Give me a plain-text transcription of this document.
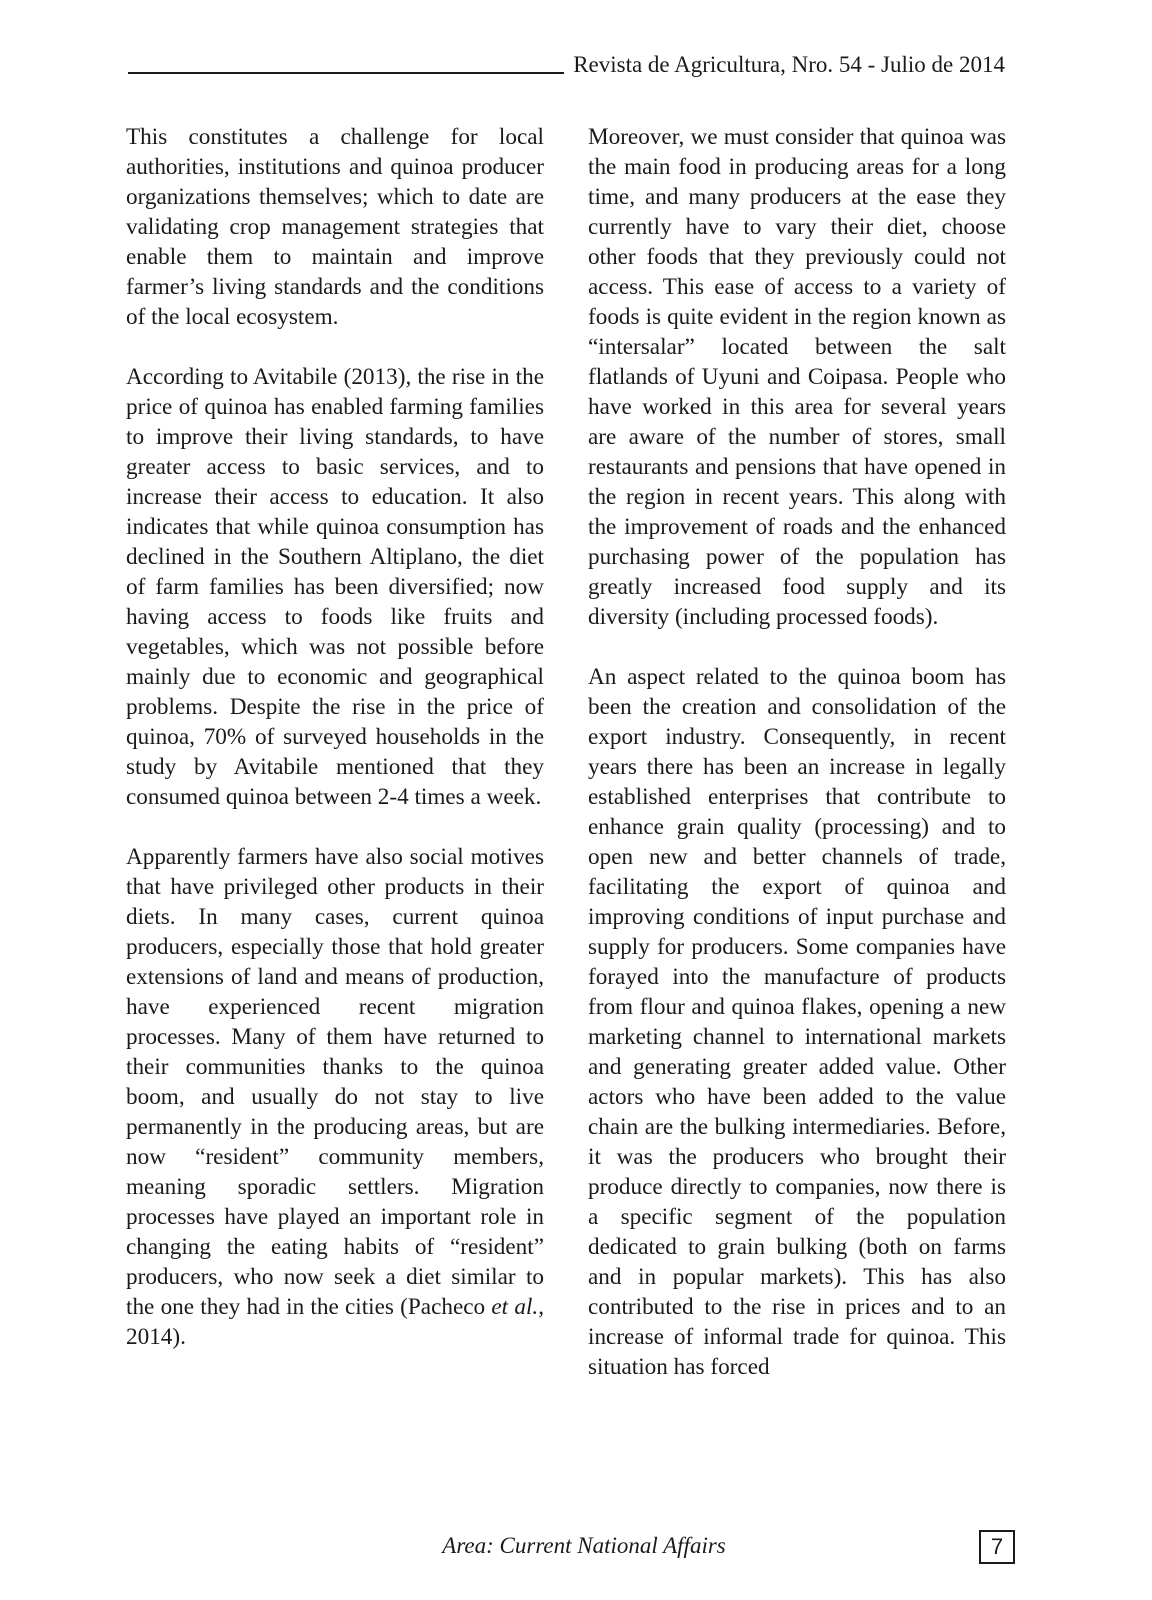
Revista de Agricultura, Nro. 54 - Julio de 2014

This constitutes a challenge for local authorities, institutions and quinoa producer organizations themselves; which to date are validating crop management strategies that enable them to maintain and improve farmer’s living standards and the conditions of the local ecosystem.

According to Avitabile (2013), the rise in the price of quinoa has enabled farming families to improve their living standards, to have greater access to basic services, and to increase their access to education. It also indicates that while quinoa consumption has declined in the Southern Altiplano, the diet of farm families has been diversified; now having access to foods like fruits and vegetables, which was not possible before mainly due to economic and geographical problems. Despite the rise in the price of quinoa, 70% of surveyed households in the study by Avitabile mentioned that they consumed quinoa between 2-4 times a week.

Apparently farmers have also social motives that have privileged other products in their diets. In many cases, current quinoa producers, especially those that hold greater extensions of land and means of production, have experienced recent migration processes. Many of them have returned to their communities thanks to the quinoa boom, and usually do not stay to live permanently in the producing areas, but are now “resident” community members, meaning sporadic settlers. Migration processes have played an important role in changing the eating habits of “resident” producers, who now seek a diet similar to the one they had in the cities (Pacheco et al., 2014).

Moreover, we must consider that quinoa was the main food in producing areas for a long time, and many producers at the ease they currently have to vary their diet, choose other foods that they previously could not access. This ease of access to a variety of foods is quite evident in the region known as “intersalar” located between the salt flatlands of Uyuni and Coipasa. People who have worked in this area for several years are aware of the number of stores, small restaurants and pensions that have opened in the region in recent years. This along with the improvement of roads and the enhanced purchasing power of the population has greatly increased food supply and its diversity (including processed foods).

An aspect related to the quinoa boom has been the creation and consolidation of the export industry. Consequently, in recent years there has been an increase in legally established enterprises that contribute to enhance grain quality (processing) and to open new and better channels of trade, facilitating the export of quinoa and improving conditions of input purchase and supply for producers. Some companies have forayed into the manufacture of products from flour and quinoa flakes, opening a new marketing channel to international markets and generating greater added value. Other actors who have been added to the value chain are the bulking intermediaries. Before, it was the producers who brought their produce directly to companies, now there is a specific segment of the population dedicated to grain bulking (both on farms and in popular markets). This has also contributed to the rise in prices and to an increase of informal trade for quinoa. This situation has forced

Area: Current National Affairs	7
